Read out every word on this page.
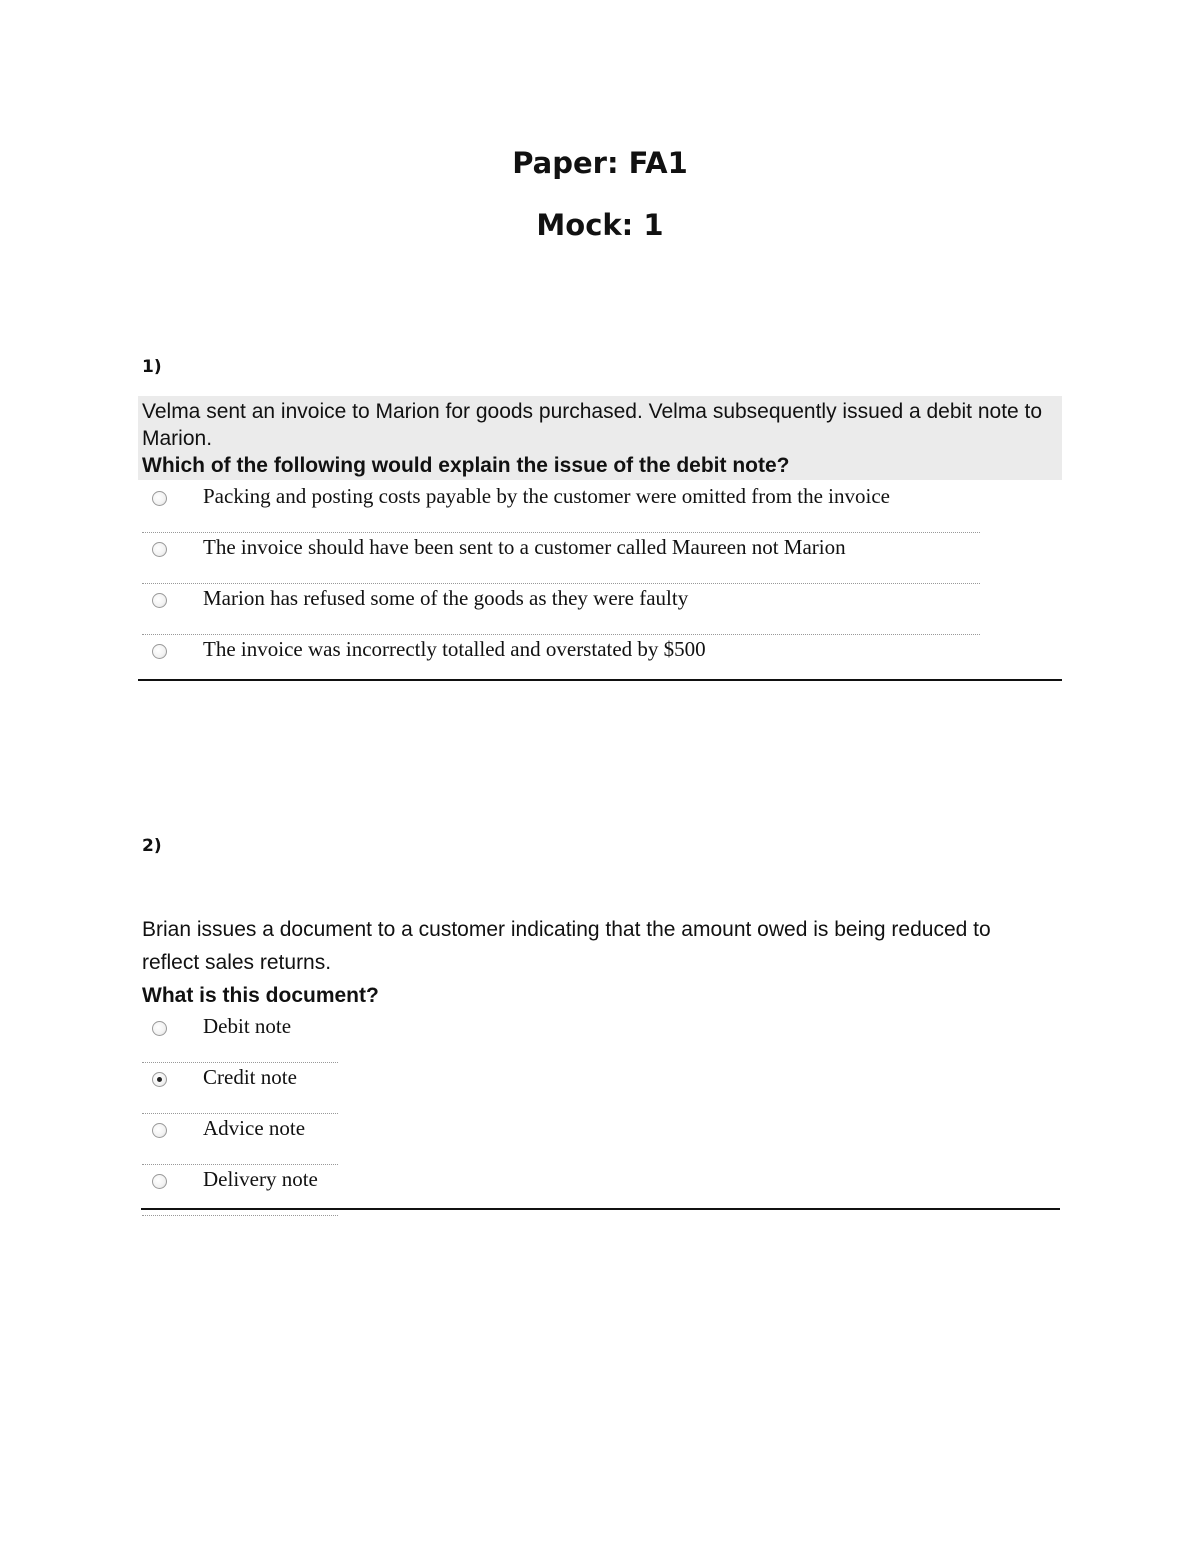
Paper: FA1
Mock: 1
1)
Velma sent an invoice to Marion for goods purchased. Velma subsequently issued a debit note to Marion.
Which of the following would explain the issue of the debit note?
Packing and posting costs payable by the customer were omitted from the invoice
The invoice should have been sent to a customer called Maureen not Marion
Marion has refused some of the goods as they were faulty
The invoice was incorrectly totalled and overstated by $500
2)
Brian issues a document to a customer indicating that the amount owed is being reduced to reflect sales returns.
What is this document?
Debit note
Credit note
Advice note
Delivery note
